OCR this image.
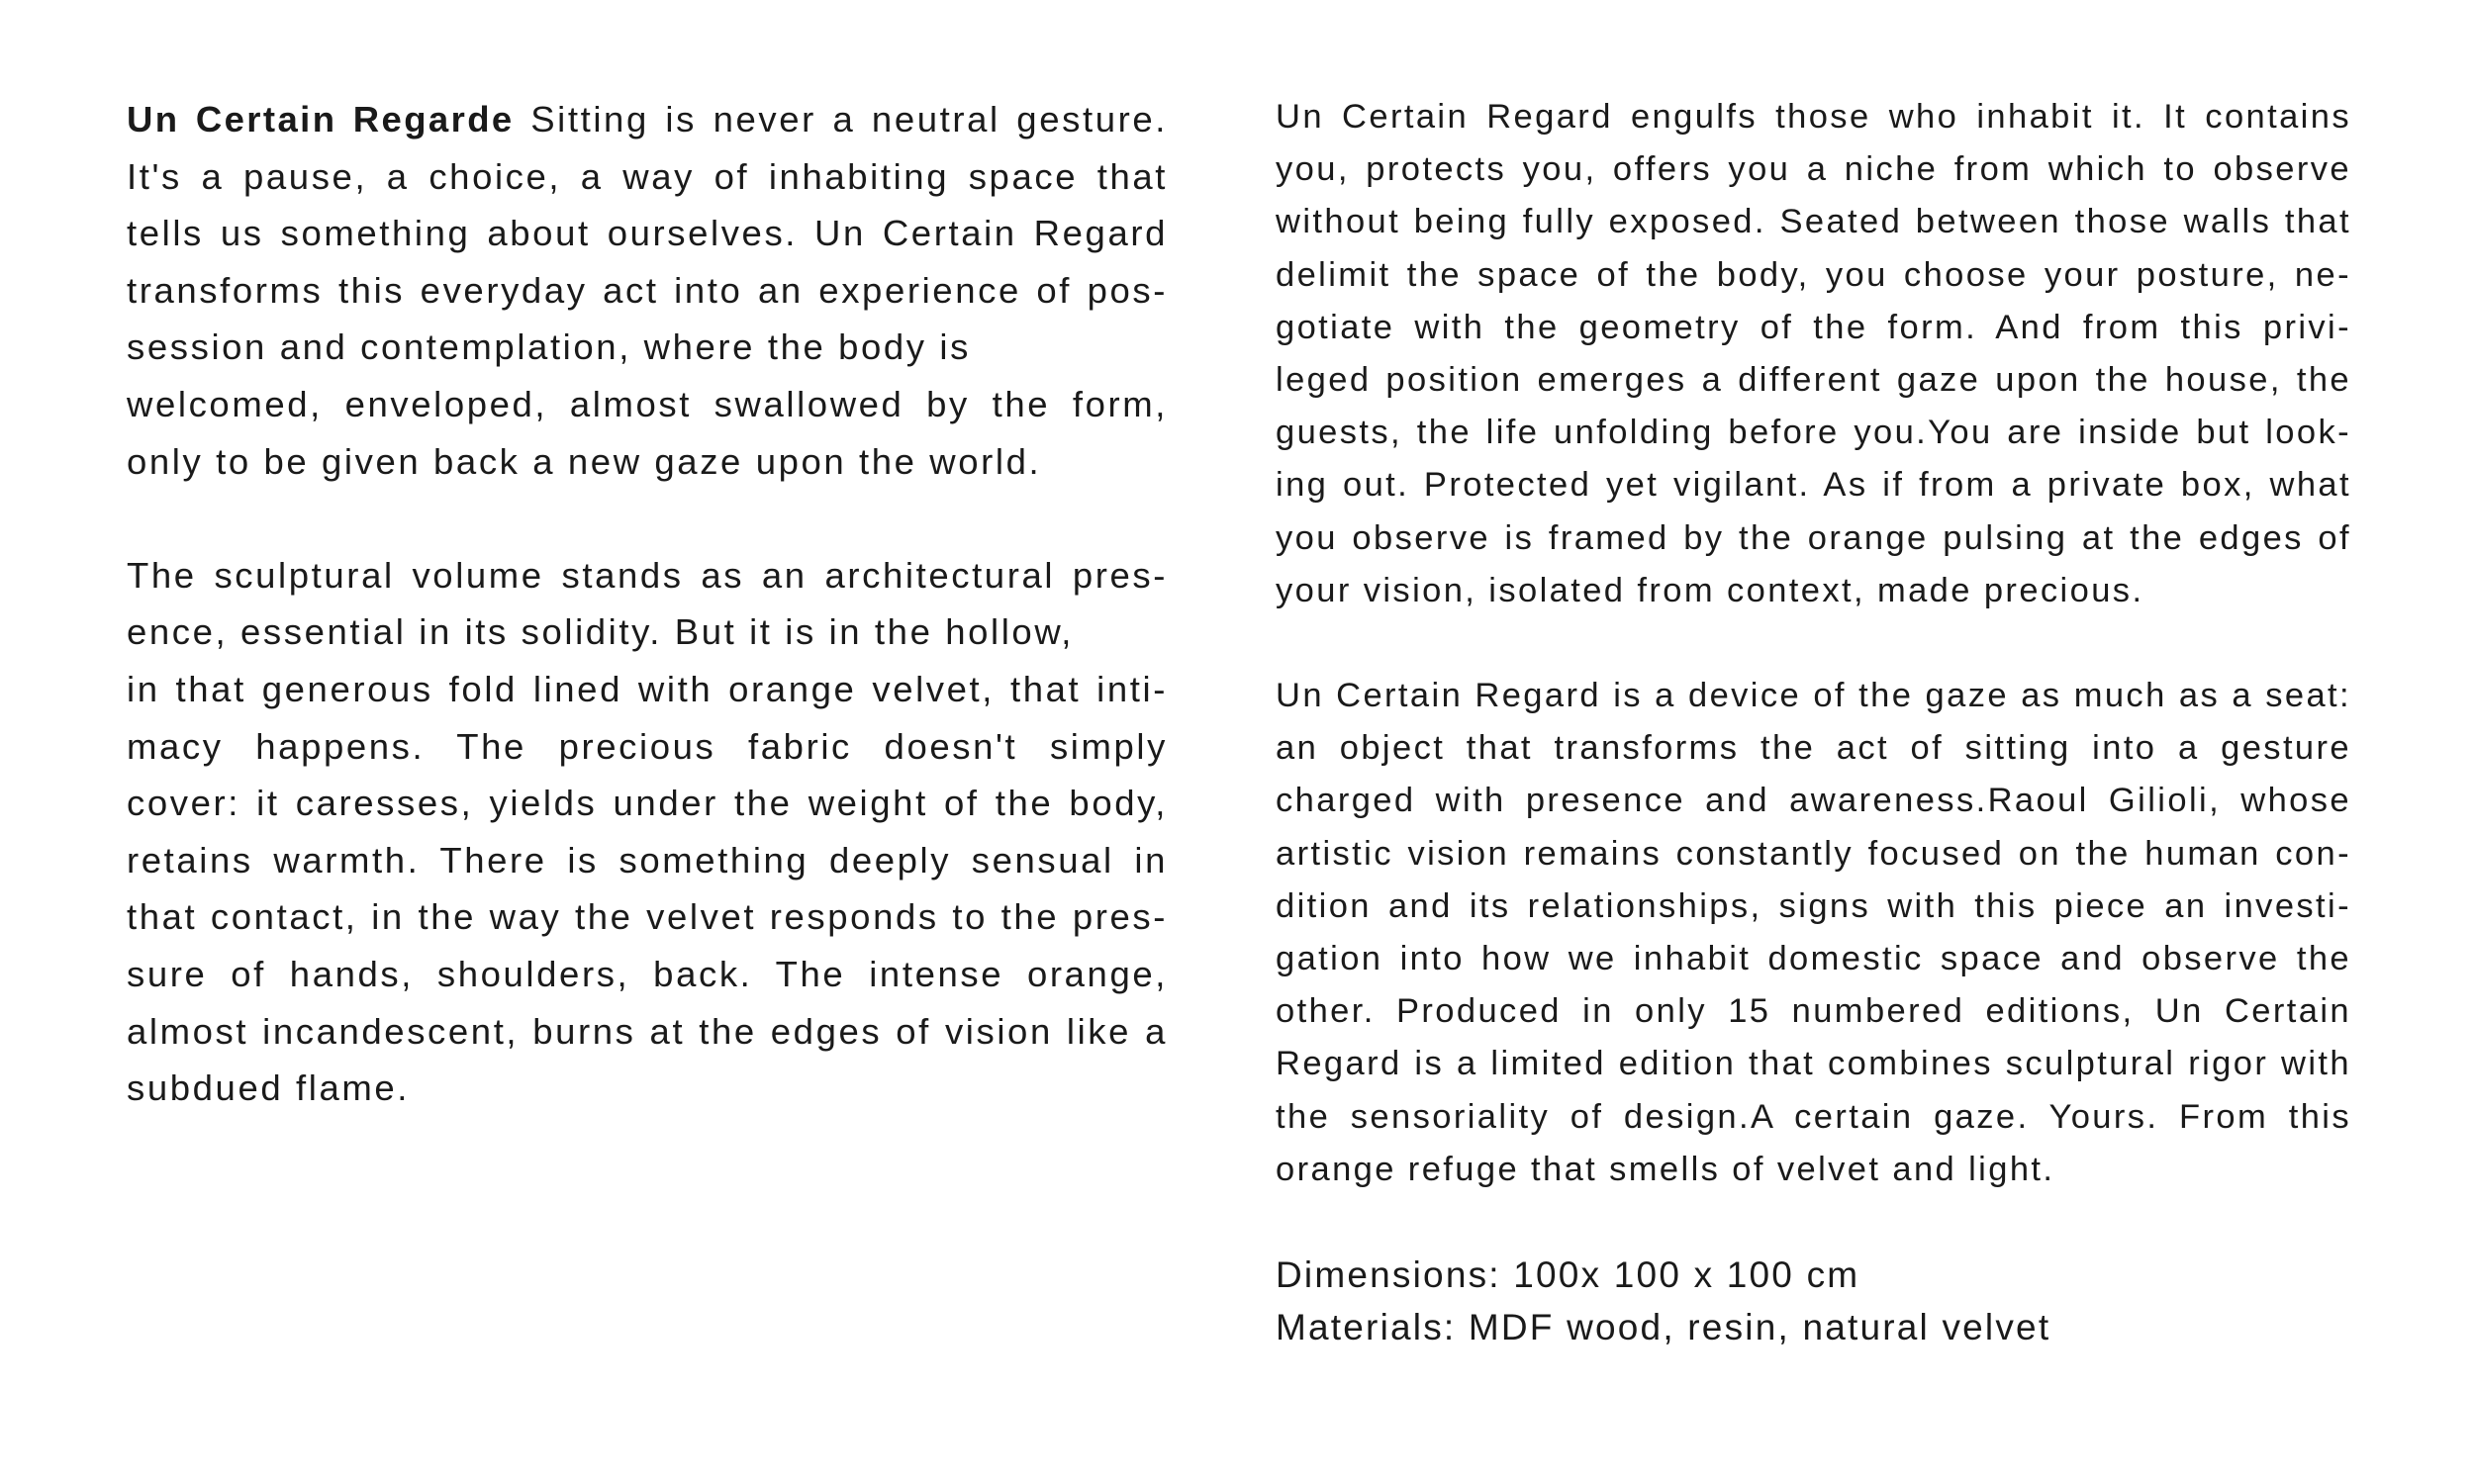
Un Certain Regarde Sitting is never a neutral gesture.
It's a pause, a choice, a way of inhabiting space that
tells us something about ourselves. Un Certain Regard
transforms this everyday act into an experience of pos-
session and contemplation, where the body is
welcomed, enveloped, almost swallowed by the form,
only to be given back a new gaze upon the world.
The sculptural volume stands as an architectural pres-
ence, essential in its solidity. But it is in the hollow,
in that generous fold lined with orange velvet, that inti-
macy happens. The precious fabric doesn't simply
cover: it caresses, yields under the weight of the body,
retains warmth. There is something deeply sensual in
that contact, in the way the velvet responds to the pres-
sure of hands, shoulders, back. The intense orange,
almost incandescent, burns at the edges of vision like a
subdued flame.
Un Certain Regard engulfs those who inhabit it. It contains
you, protects you, offers you a niche from which to observe
without being fully exposed. Seated between those walls that
delimit the space of the body, you choose your posture, ne-
gotiate with the geometry of the form. And from this privi-
leged position emerges a different gaze upon the house, the
guests, the life unfolding before you.You are inside but look-
ing out. Protected yet vigilant. As if from a private box, what
you observe is framed by the orange pulsing at the edges of
your vision, isolated from context, made precious.
Un Certain Regard is a device of the gaze as much as a seat:
an object that transforms the act of sitting into a gesture
charged with presence and awareness.Raoul Gilioli, whose
artistic vision remains constantly focused on the human con-
dition and its relationships, signs with this piece an investi-
gation into how we inhabit domestic space and observe the
other. Produced in only 15 numbered editions, Un Certain
Regard is a limited edition that combines sculptural rigor with
the sensoriality of design.A certain gaze. Yours. From this
orange refuge that smells of velvet and light.
Dimensions: 100x 100 x 100 cm
Materials: MDF wood, resin, natural velvet
